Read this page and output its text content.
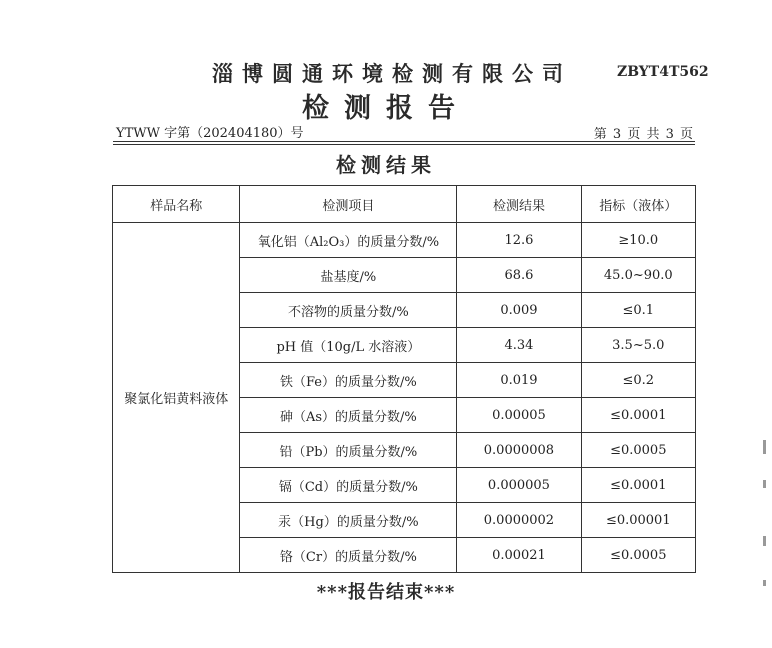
淄博圆通环境检测有限公司	ZBYT4T562
检测报告
YTWW 字第（202404180）号	第 3 页 共 3 页
检测结果
样品名称	检测项目	检测结果	指标（液体）
聚氯化铝黄料液体	氧化铝（Al₂O₃）的质量分数/%	12.6	≥10.0
	盐基度/%	68.6	45.0~90.0
	不溶物的质量分数/%	0.009	≤0.1
	pH 值（10g/L 水溶液）	4.34	3.5~5.0
	铁（Fe）的质量分数/%	0.019	≤0.2
	砷（As）的质量分数/%	0.00005	≤0.0001
	铅（Pb）的质量分数/%	0.0000008	≤0.0005
	镉（Cd）的质量分数/%	0.000005	≤0.0001
	汞（Hg）的质量分数/%	0.0000002	≤0.00001
	铬（Cr）的质量分数/%	0.00021	≤0.0005
***报告结束***
